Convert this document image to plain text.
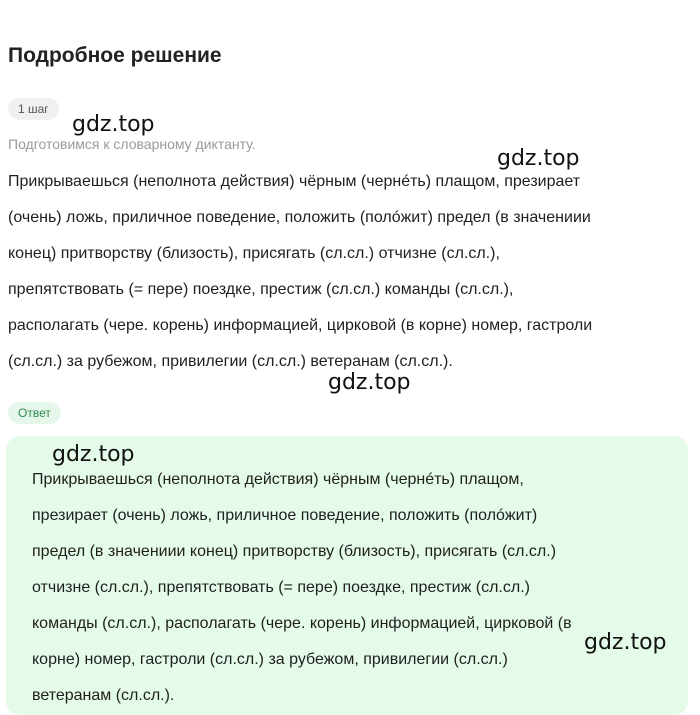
Подробное решение
1 шаг
Подготовимся к словарному диктанту.
Прикрываешься (неполнота действия) чёрным (чернéть) плащом, презирает
(очень) ложь, приличное поведение, положить (полóжит) предел (в значениии
конец) притворству (близость), присягать (сл.сл.) отчизне (сл.сл.),
препятствовать (= пере) поездке, престиж (сл.сл.) команды (сл.сл.),
располагать (чере. корень) информацией, цирковой (в корне) номер, гастроли
(сл.сл.) за рубежом, привилегии (сл.сл.) ветеранам (сл.сл.).
Ответ
Прикрываешься (неполнота действия) чёрным (чернéть) плащом,
презирает (очень) ложь, приличное поведение, положить (полóжит)
предел (в значениии конец) притворству (близость), присягать (сл.сл.)
отчизне (сл.сл.), препятствовать (= пере) поездке, престиж (сл.сл.)
команды (сл.сл.), располагать (чере. корень) информацией, цирковой (в
корне) номер, гастроли (сл.сл.) за рубежом, привилегии (сл.сл.)
ветеранам (сл.сл.).
gdz.top
gdz.top
gdz.top
gdz.top
gdz.top
